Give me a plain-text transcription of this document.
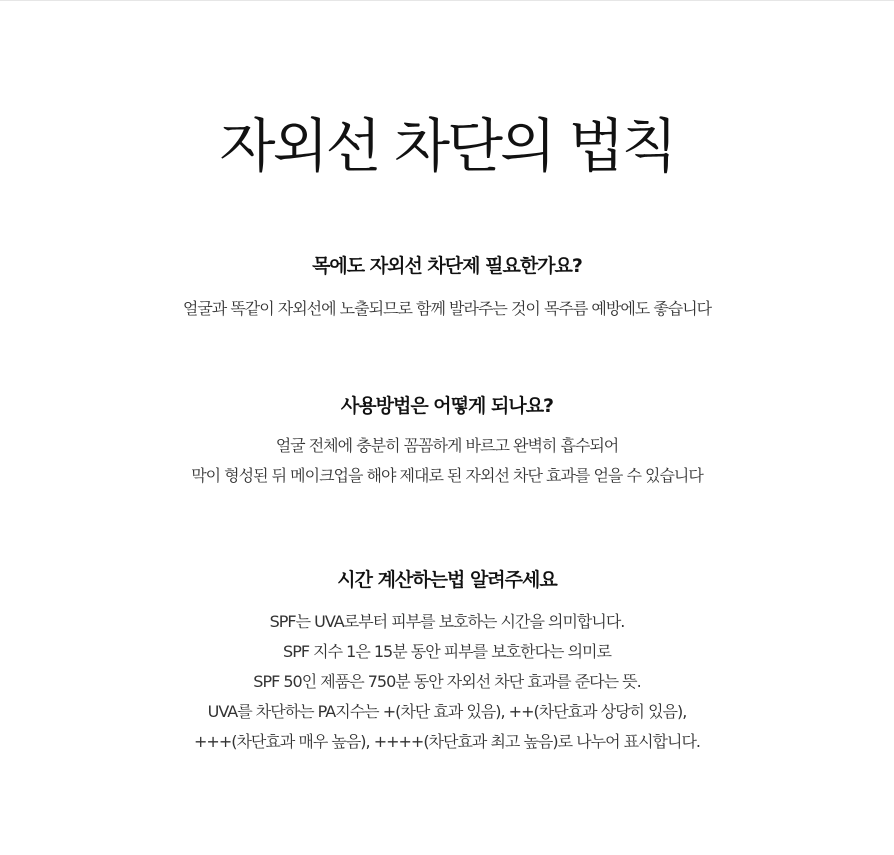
자외선 차단의 법칙

목에도 자외선 차단제 필요한가요?

얼굴과 똑같이 자외선에 노출되므로 함께 발라주는 것이 목주름 예방에도 좋습니다

사용방법은 어떻게 되나요?

얼굴 전체에 충분히 꼼꼼하게 바르고 완벽히 흡수되어
막이 형성된 뒤 메이크업을 해야 제대로 된 자외선 차단 효과를 얻을 수 있습니다

시간 계산하는법 알려주세요

SPF는 UVA로부터 피부를 보호하는 시간을 의미합니다.
SPF 지수 1은 15분 동안 피부를 보호한다는 의미로
SPF 50인 제품은 750분 동안 자외선 차단 효과를 준다는 뜻.
UVA를 차단하는 PA지수는 +(차단 효과 있음), ++(차단효과 상당히 있음),
+++(차단효과 매우 높음), ++++(차단효과 최고 높음)로 나누어 표시합니다.
